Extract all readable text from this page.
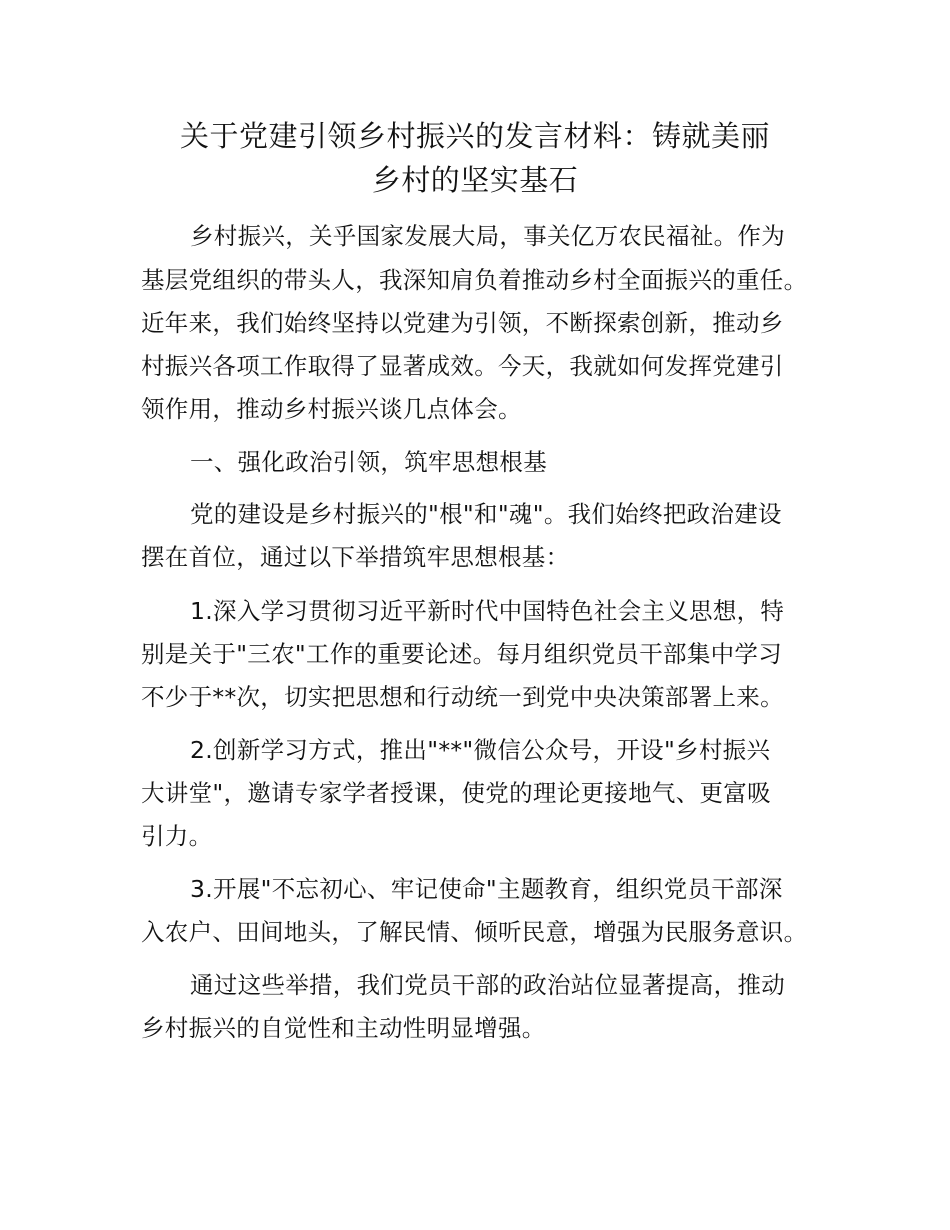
关于党建引领乡村振兴的发言材料：铸就美丽
乡村的坚实基石
乡村振兴，关乎国家发展大局，事关亿万农民福祉。作为
基层党组织的带头人，我深知肩负着推动乡村全面振兴的重任。
近年来，我们始终坚持以党建为引领，不断探索创新，推动乡
村振兴各项工作取得了显著成效。今天，我就如何发挥党建引
领作用，推动乡村振兴谈几点体会。
一、强化政治引领，筑牢思想根基
党的建设是乡村振兴的"根"和"魂"。我们始终把政治建设
摆在首位，通过以下举措筑牢思想根基：
1.深入学习贯彻习近平新时代中国特色社会主义思想，特
别是关于"三农"工作的重要论述。每月组织党员干部集中学习
不少于**次，切实把思想和行动统一到党中央决策部署上来。
2.创新学习方式，推出"**"微信公众号，开设"乡村振兴
大讲堂"，邀请专家学者授课，使党的理论更接地气、更富吸
引力。
3.开展"不忘初心、牢记使命"主题教育，组织党员干部深
入农户、田间地头，了解民情、倾听民意，增强为民服务意识。
通过这些举措，我们党员干部的政治站位显著提高，推动
乡村振兴的自觉性和主动性明显增强。
